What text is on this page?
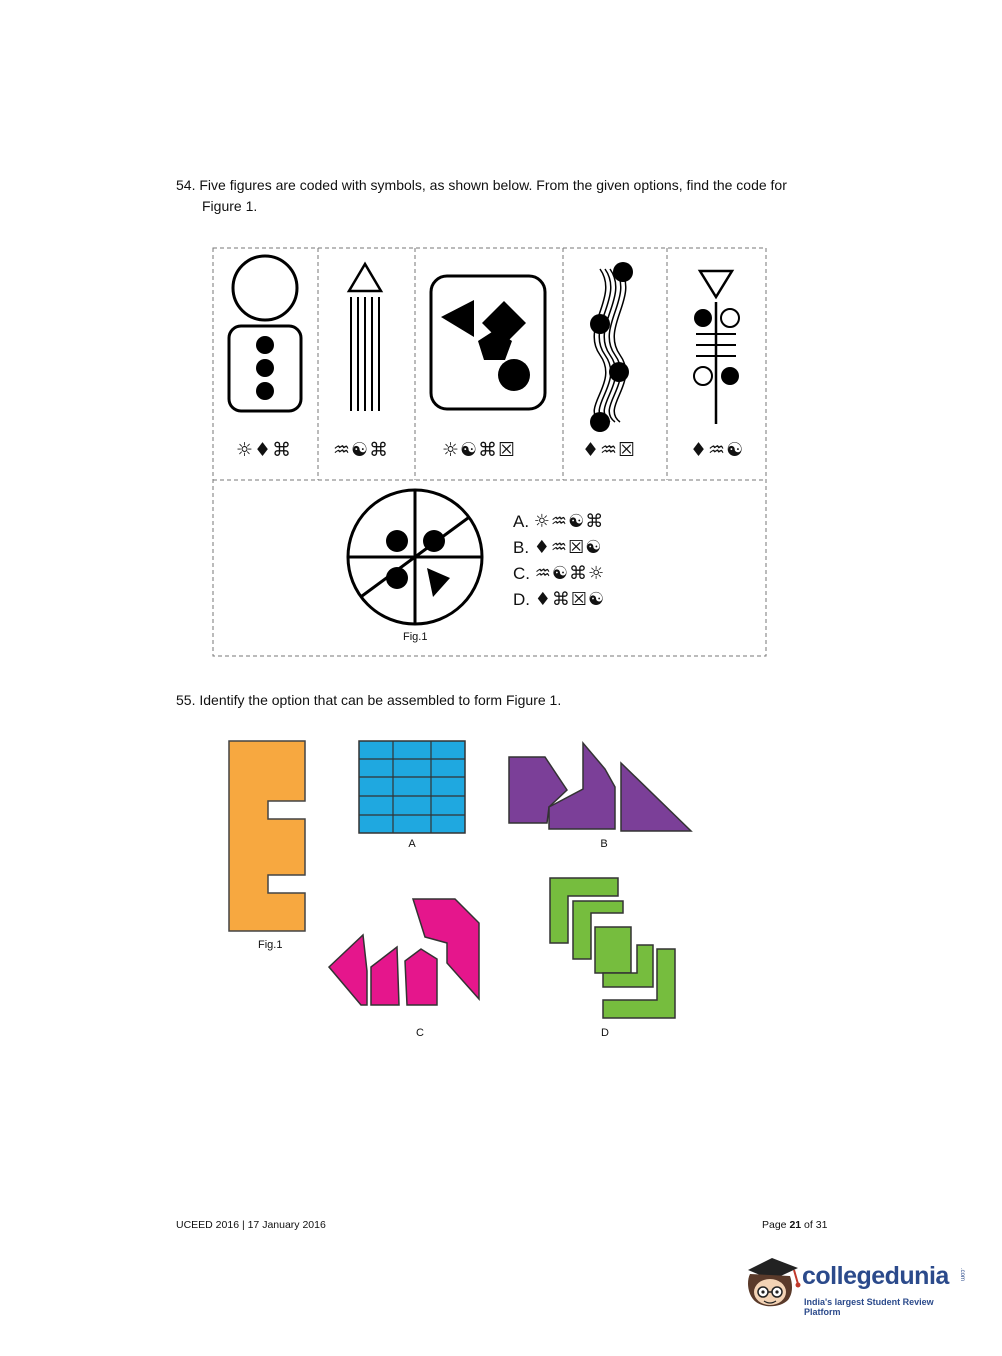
54. Five figures are coded with symbols, as shown below. From the given options, find the code for
Figure 1.
☼♦⌘ ♒☯⌘	☼☯⌘☒	♦♒☒	♦♒☯
A. ☼♒☯⌘
B. ♦♒☒☯
C. ♒☯⌘☼
D. ♦⌘☒☯
Fig.1
55. Identify the option that can be assembled to form Figure 1.
Fig.1
A	B
C	D
UCEED 2016 | 17 January 2016	Page 21 of 31
collegedunia .com
India's largest Student Review Platform
